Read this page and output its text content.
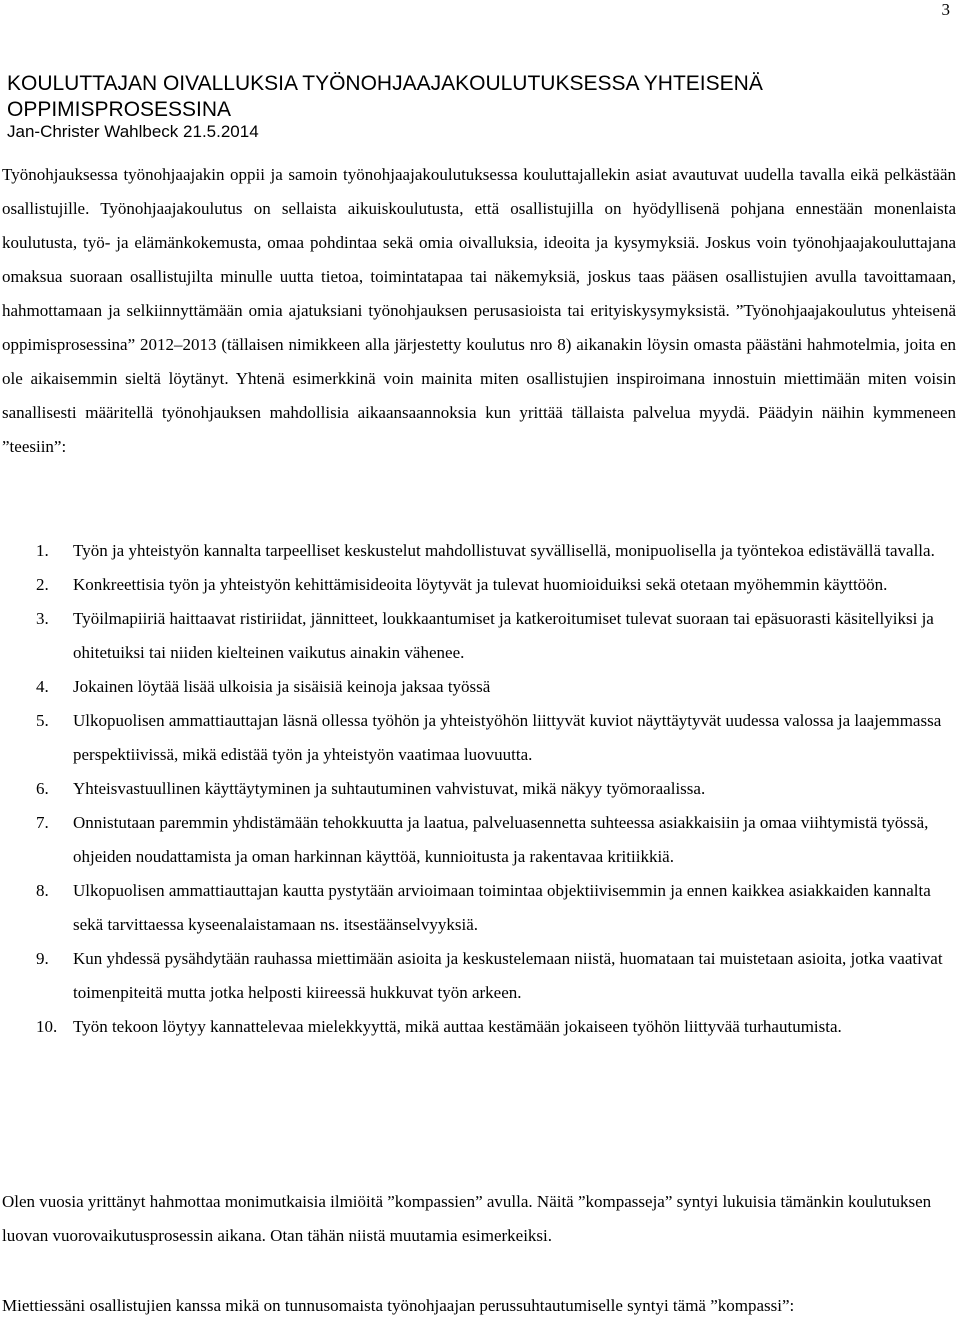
3
KOULUTTAJAN OIVALLUKSIA TYÖNOHJAAJAKOULUTUKSESSA YHTEISENÄ
OPPIMISPROSESSINA
Jan-Christer Wahlbeck 21.5.2014

Työnohjauksessa työnohjaajakin oppii ja samoin työnohjaajakoulutuksessa kouluttajallekin asiat avautuvat uudella tavalla eikä pelkästään osallistujille. Työnohjaajakoulutus on sellaista aikuiskoulutusta, että osallistujilla on hyödyllisenä pohjana ennestään monenlaista koulutusta, työ- ja elämänkokemusta, omaa pohdintaa sekä omia oivalluksia, ideoita ja kysymyksiä. Joskus voin työnohjaajakouluttajana omaksua suoraan osallistujilta minulle uutta tietoa, toimintatapaa tai näkemyksiä, joskus taas pääsen osallistujien avulla tavoittamaan, hahmottamaan ja selkiinnyttämään omia ajatuksiani työnohjauksen perusasioista tai erityiskysymyksistä. ”Työnohjaajakoulutus yhteisenä oppimisprosessina” 2012–2013 (tällaisen nimikkeen alla järjestetty koulutus nro 8) aikanakin löysin omasta päästäni hahmotelmia, joita en ole aikaisemmin sieltä löytänyt. Yhtenä esimerkkinä voin mainita miten osallistujien inspiroimana innostuin miettimään miten voisin sanallisesti määritellä työnohjauksen mahdollisia aikaansaannoksia kun yrittää tällaista palvelua myydä. Päädyin näihin kymmeneen ”teesiin”:

1. Työn ja yhteistyön kannalta tarpeelliset keskustelut mahdollistuvat syvällisellä, monipuolisella ja työntekoa edistävällä tavalla.
2. Konkreettisia työn ja yhteistyön kehittämisideoita löytyvät ja tulevat huomioiduiksi sekä otetaan myöhemmin käyttöön.
3. Työilmapiiriä haittaavat ristiriidat, jännitteet, loukkaantumiset ja katkeroitumiset tulevat suoraan tai epäsuorasti käsitellyiksi ja ohitetuiksi tai niiden kielteinen vaikutus ainakin vähenee.
4. Jokainen löytää lisää ulkoisia ja sisäisiä keinoja jaksaa työssä
5. Ulkopuolisen ammattiauttajan läsnä ollessa työhön ja yhteistyöhön liittyvät kuviot näyttäytyvät uudessa valossa ja laajemmassa perspektiivissä, mikä edistää työn ja yhteistyön vaatimaa luovuutta.
6. Yhteisvastuullinen käyttäytyminen ja suhtautuminen vahvistuvat, mikä näkyy työmoraalissa.
7. Onnistutaan paremmin yhdistämään tehokkuutta ja laatua, palveluasennetta suhteessa asiakkaisiin ja omaa viihtymistä työssä, ohjeiden noudattamista ja oman harkinnan käyttöä, kunnioitusta ja rakentavaa kritiikkiä.
8. Ulkopuolisen ammattiauttajan kautta pystytään arvioimaan toimintaa objektiivisemmin ja ennen kaikkea asiakkaiden kannalta sekä tarvittaessa kyseenalaistamaan ns. itsestäänselvyyksiä.
9. Kun yhdessä pysähdytään rauhassa miettimään asioita ja keskustelemaan niistä, huomataan tai muistetaan asioita, jotka vaativat toimenpiteitä mutta jotka helposti kiireessä hukkuvat työn arkeen.
10. Työn tekoon löytyy kannattelevaa mielekkyyttä, mikä auttaa kestämään jokaiseen työhön liittyvää turhautumista.

Olen vuosia yrittänyt hahmottaa monimutkaisia ilmiöitä ”kompassien” avulla. Näitä ”kompasseja” syntyi lukuisia tämänkin koulutuksen luovan vuorovaikutusprosessin aikana. Otan tähän niistä muutamia esimerkeiksi.

Miettiessäni osallistujien kanssa mikä on tunnusomaista työnohjaajan perussuhtautumiselle syntyi tämä ”kompassi”:
